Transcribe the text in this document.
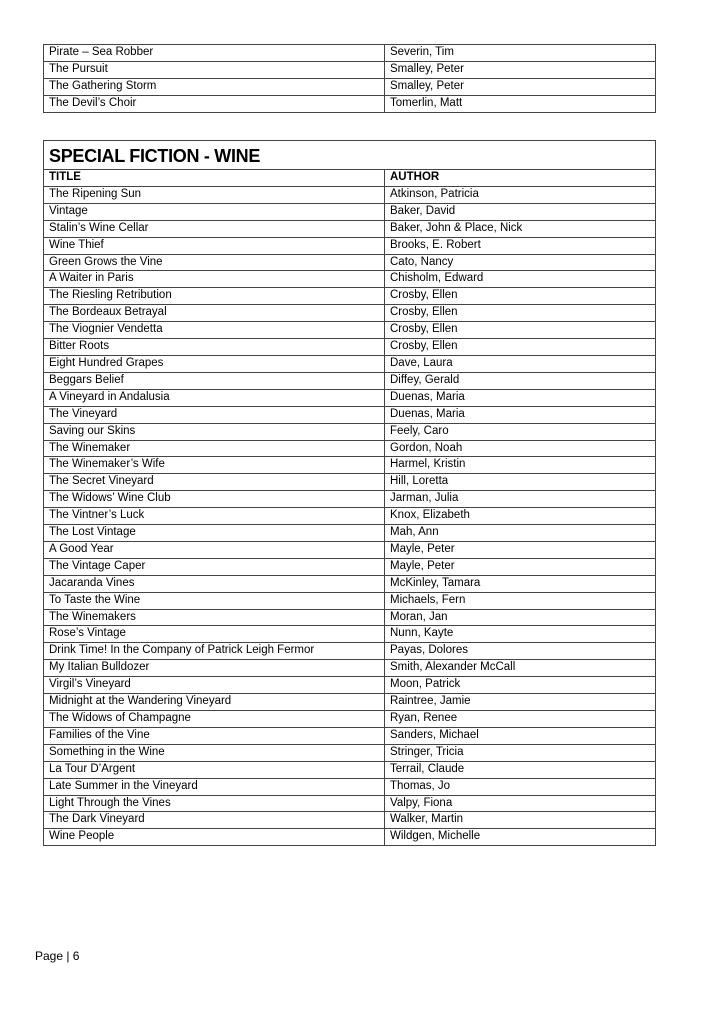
Pirate – Sea Robber	Severin, Tim
The Pursuit	Smalley, Peter
The Gathering Storm	Smalley, Peter
The Devil’s Choir	Tomerlin, Matt
SPECIAL FICTION - WINE	
TITLE	AUTHOR
The Ripening Sun	Atkinson, Patricia
Vintage	Baker, David
Stalin’s Wine Cellar	Baker, John & Place, Nick
Wine Thief	Brooks, E. Robert
Green Grows the Vine	Cato, Nancy
A Waiter in Paris	Chisholm, Edward
The Riesling Retribution	Crosby, Ellen
The Bordeaux Betrayal	Crosby, Ellen
The Viognier Vendetta	Crosby, Ellen
Bitter Roots	Crosby, Ellen
Eight Hundred Grapes	Dave, Laura
Beggars Belief	Diffey, Gerald
A Vineyard in Andalusia	Duenas, Maria
The Vineyard	Duenas, Maria
Saving our Skins	Feely, Caro
The Winemaker	Gordon, Noah
The Winemaker’s Wife	Harmel, Kristin
The Secret Vineyard	Hill, Loretta
The Widows’ Wine Club	Jarman, Julia
The Vintner’s Luck	Knox, Elizabeth
The Lost Vintage	Mah, Ann
A Good Year	Mayle, Peter
The Vintage Caper	Mayle, Peter
Jacaranda Vines	McKinley, Tamara
To Taste the Wine	Michaels, Fern
The Winemakers	Moran, Jan
Rose’s Vintage	Nunn, Kayte
Drink Time! In the Company of Patrick Leigh Fermor	Payas, Dolores
My Italian Bulldozer	Smith, Alexander McCall
Virgil’s Vineyard	Moon, Patrick
Midnight at the Wandering Vineyard	Raintree, Jamie
The Widows of Champagne	Ryan, Renee
Families of the Vine	Sanders, Michael
Something in the Wine	Stringer, Tricia
La Tour D’Argent	Terrail, Claude
Late Summer in the Vineyard	Thomas, Jo
Light Through the Vines	Valpy, Fiona
The Dark Vineyard	Walker, Martin
Wine People	Wildgen, Michelle
Page | 6
